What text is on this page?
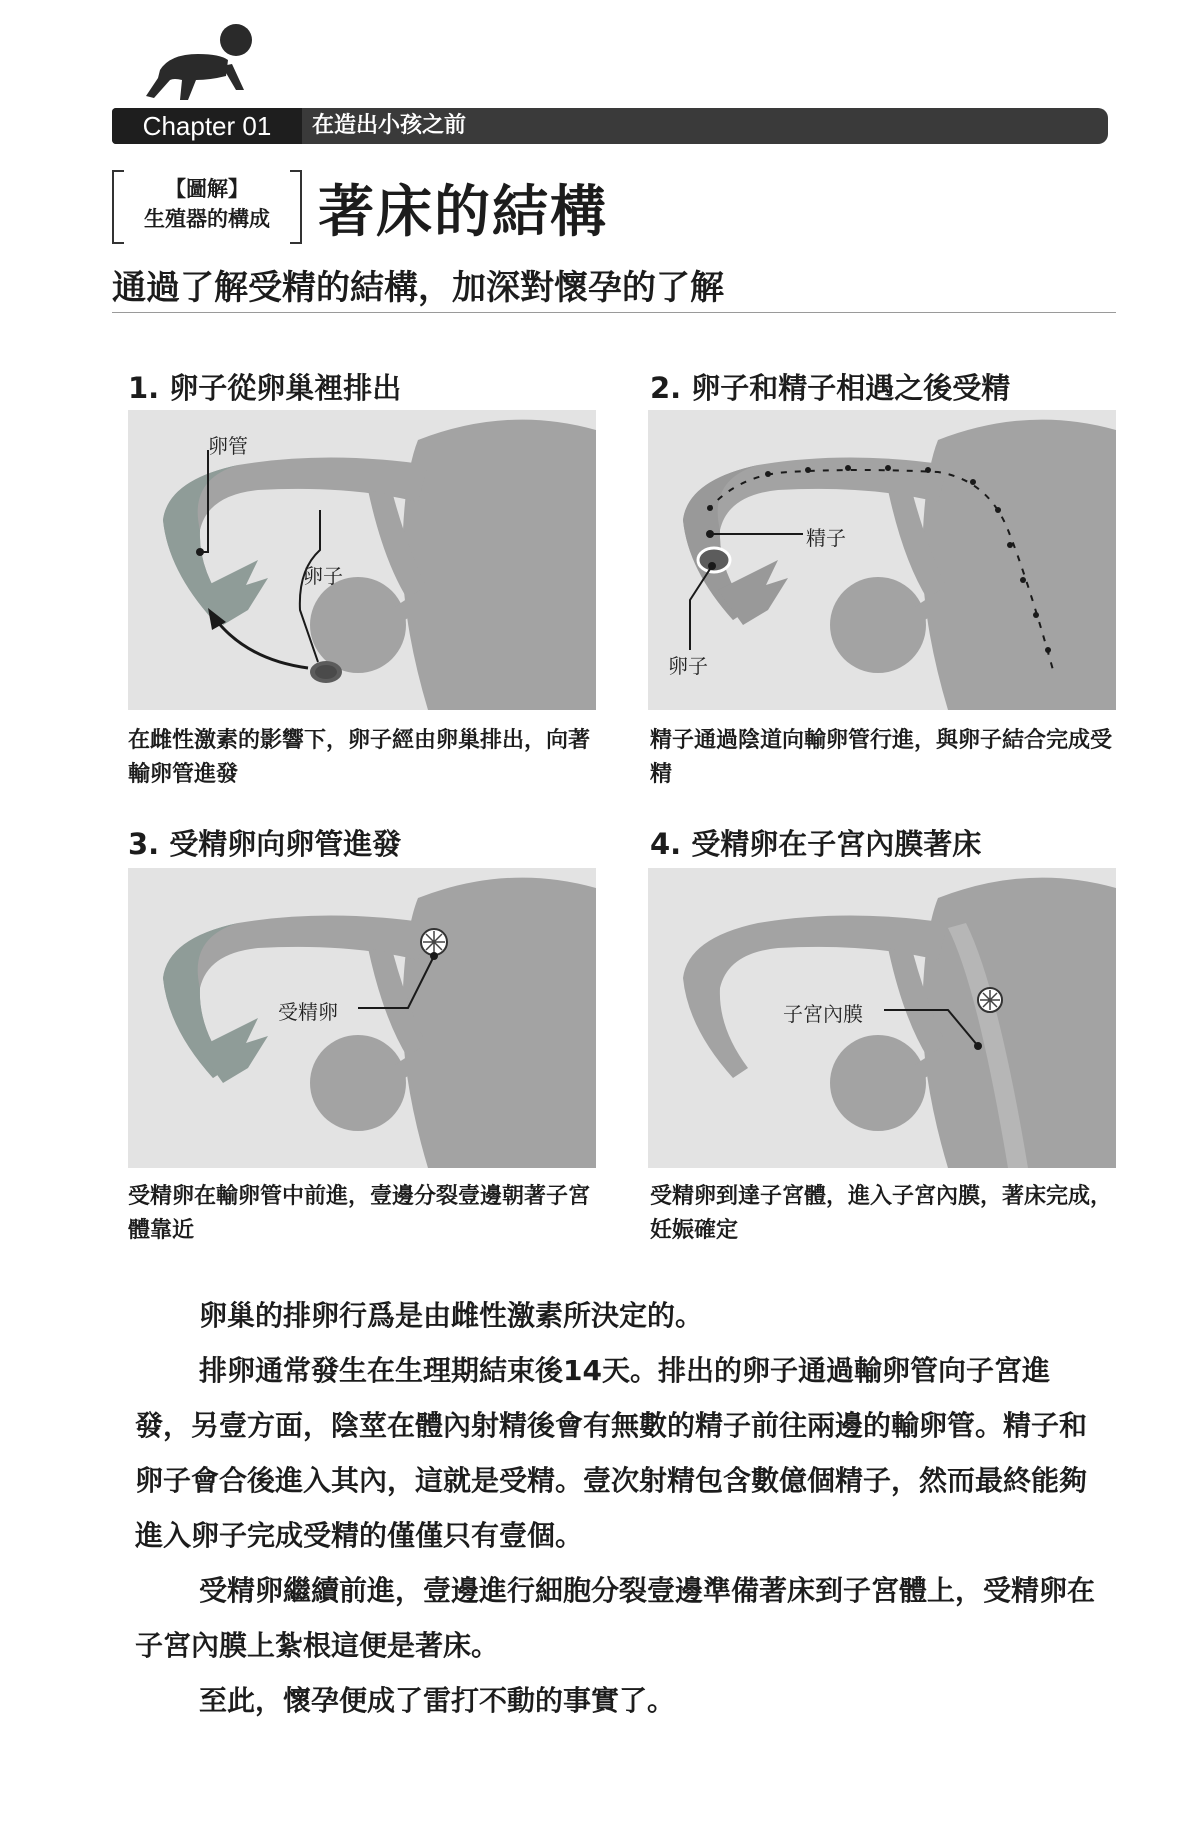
Chapter 01	在造出小孩之前
【圖解】
生殖器的構成 著床的結構
通過了解受精的結構，加深對懷孕的了解
1. 卵子從卵巢裡排出
卵管
卵子
在雌性激素的影響下，卵子經由卵巢排出，向著輸卵管進發
2. 卵子和精子相遇之後受精
精子
卵子
精子通過陰道向輸卵管行進，與卵子結合完成受精
3. 受精卵向卵管進發
受精卵
受精卵在輸卵管中前進，壹邊分裂壹邊朝著子宮體靠近
4. 受精卵在子宮內膜著床
子宮內膜
受精卵到達子宮體，進入子宮內膜，著床完成，妊娠確定

卵巢的排卵行爲是由雌性激素所決定的。

排卵通常發生在生理期結束後14天。排出的卵子通過輸卵管向子宮進發，另壹方面，陰莖在體內射精後會有無數的精子前往兩邊的輸卵管。精子和卵子會合後進入其內，這就是受精。壹次射精包含數億個精子，然而最終能夠進入卵子完成受精的僅僅只有壹個。

受精卵繼續前進，壹邊進行細胞分裂壹邊準備著床到子宮體上，受精卵在子宮內膜上紮根這便是著床。

至此，懷孕便成了雷打不動的事實了。
